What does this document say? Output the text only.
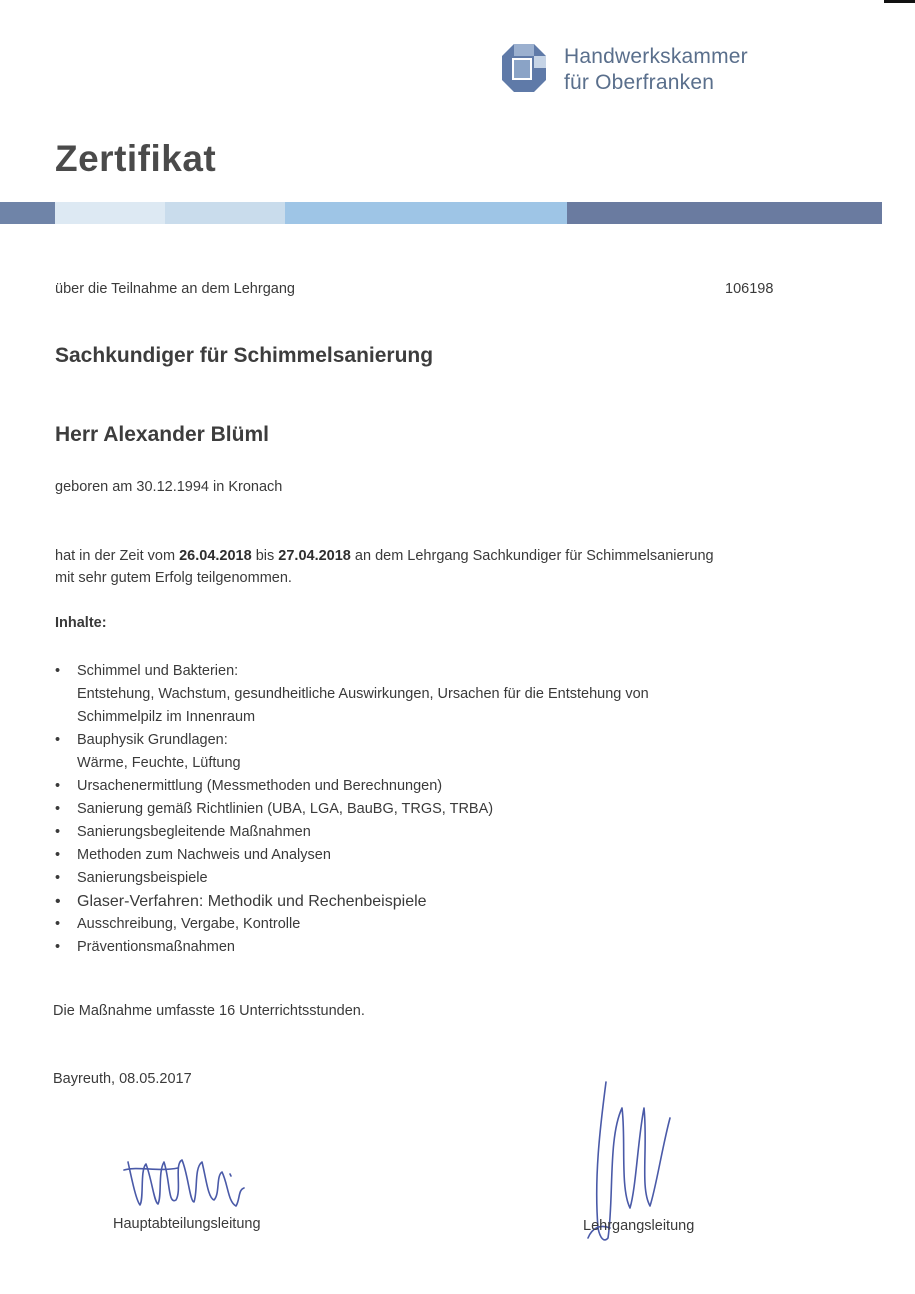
Handwerkskammer
für Oberfranken
Zertifikat
über die Teilnahme an dem Lehrgang	106198
Sachkundiger für Schimmelsanierung
Herr Alexander Blüml
geboren am 30.12.1994 in Kronach
hat in der Zeit vom 26.04.2018 bis 27.04.2018 an dem Lehrgang Sachkundiger für Schimmelsanierung
mit sehr gutem Erfolg teilgenommen.
Inhalte:
• Schimmel und Bakterien:
Entstehung, Wachstum, gesundheitliche Auswirkungen, Ursachen für die Entstehung von
Schimmelpilz im Innenraum
• Bauphysik Grundlagen:
Wärme, Feuchte, Lüftung
• Ursachenermittlung (Messmethoden und Berechnungen)
• Sanierung gemäß Richtlinien (UBA, LGA, BauBG, TRGS, TRBA)
• Sanierungsbegleitende Maßnahmen
• Methoden zum Nachweis und Analysen
• Sanierungsbeispiele
• Glaser-Verfahren: Methodik und Rechenbeispiele
• Ausschreibung, Vergabe, Kontrolle
• Präventionsmaßnahmen
Die Maßnahme umfasste 16 Unterrichtsstunden.
Bayreuth, 08.05.2017
Hauptabteilungsleitung	Lehrgangsleitung
